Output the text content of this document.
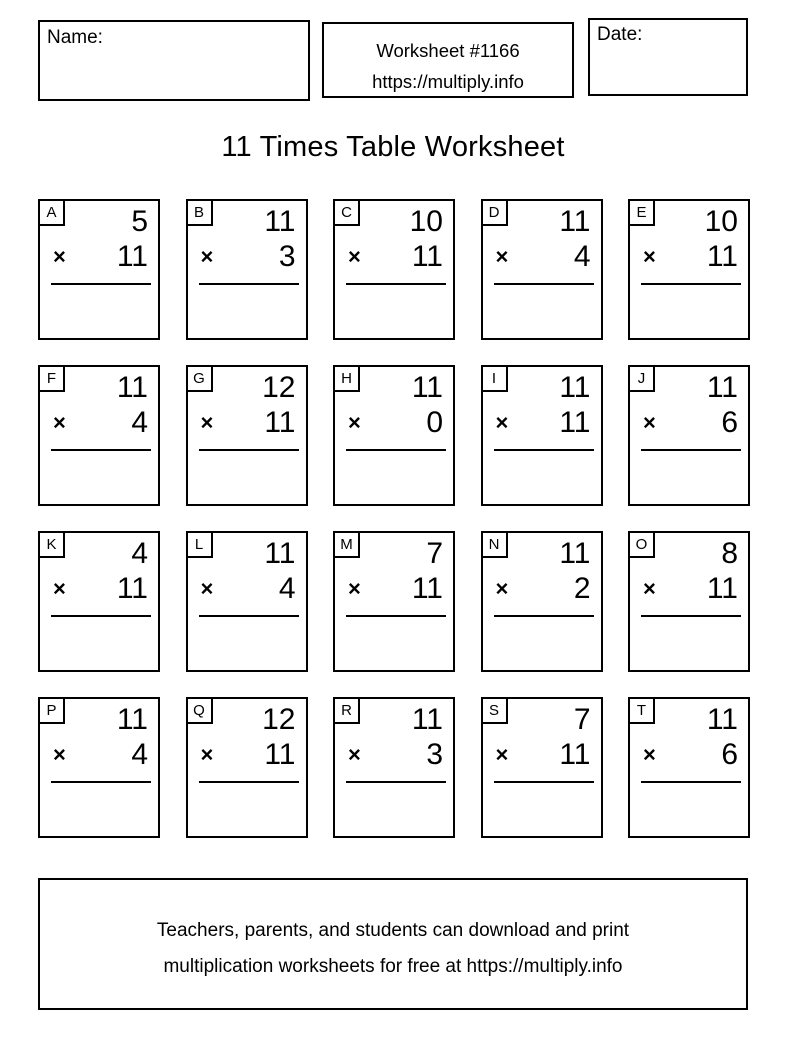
Name:
Worksheet #1166
https://multiply.info
Date:
11 Times Table Worksheet
A	5
× 11
B	11
× 3
C	10
× 11
D	11
× 4
E	10
× 11
F	11
× 4
G	12
× 11
H	11
× 0
I	11
× 11
J	11
× 6
K	4
× 11
L	11
× 4
M	7
× 11
N	11
× 2
O	8
× 11
P	11
× 4
Q	12
× 11
R	11
× 3
S	7
× 11
T	11
× 6
Teachers, parents, and students can download and print
multiplication worksheets for free at https://multiply.info
